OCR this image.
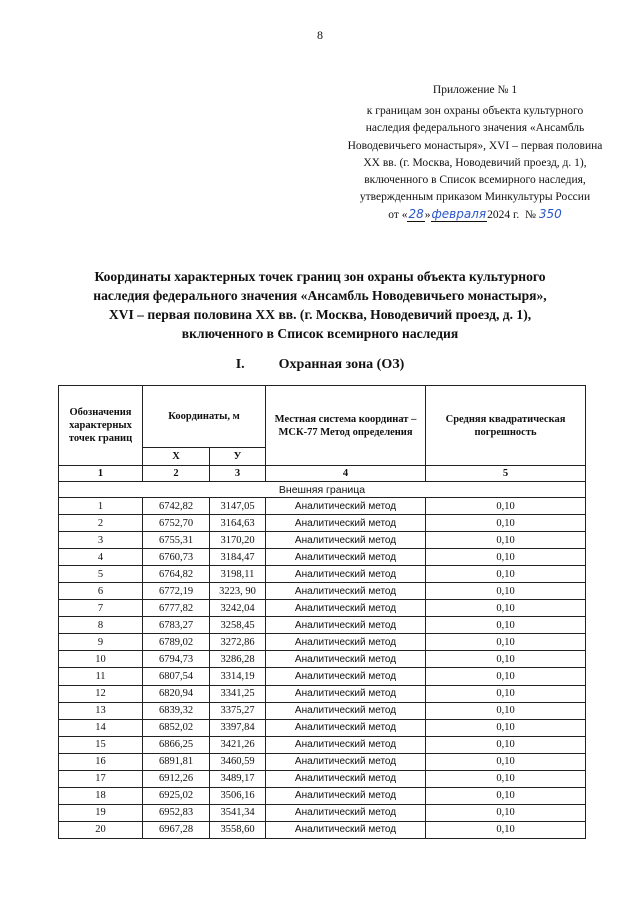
8
Приложение № 1
к границам зон охраны объекта культурного
наследия федерального значения «Ансамбль
Новодевичьего монастыря», XVI – первая половина
XX вв. (г. Москва, Новодевичий проезд, д. 1),
включенного в Список всемирного наследия,
утвержденным приказом Минкультуры России
от «28»февраля2024 г. № 350
Координаты характерных точек границ зон охраны объекта культурного
наследия федерального значения «Ансамбль Новодевичьего монастыря»,
XVI – первая половина XX вв. (г. Москва, Новодевичий проезд, д. 1),
включенного в Список всемирного наследия
I. Охранная зона (ОЗ)
Обозначения характерных точек границ	Координаты, м		Местная система координат – МСК-77 Метод определения	Средняя квадратическая погрешность
	Х	У		
1	2	3	4	5
Внешняя граница				
1	6742,82	3147,05	Аналитический метод	0,10
2	6752,70	3164,63	Аналитический метод	0,10
3	6755,31	3170,20	Аналитический метод	0,10
4	6760,73	3184,47	Аналитический метод	0,10
5	6764,82	3198,11	Аналитический метод	0,10
6	6772,19	3223, 90	Аналитический метод	0,10
7	6777,82	3242,04	Аналитический метод	0,10
8	6783,27	3258,45	Аналитический метод	0,10
9	6789,02	3272,86	Аналитический метод	0,10
10	6794,73	3286,28	Аналитический метод	0,10
11	6807,54	3314,19	Аналитический метод	0,10
12	6820,94	3341,25	Аналитический метод	0,10
13	6839,32	3375,27	Аналитический метод	0,10
14	6852,02	3397,84	Аналитический метод	0,10
15	6866,25	3421,26	Аналитический метод	0,10
16	6891,81	3460,59	Аналитический метод	0,10
17	6912,26	3489,17	Аналитический метод	0,10
18	6925,02	3506,16	Аналитический метод	0,10
19	6952,83	3541,34	Аналитический метод	0,10
20	6967,28	3558,60	Аналитический метод	0,10
